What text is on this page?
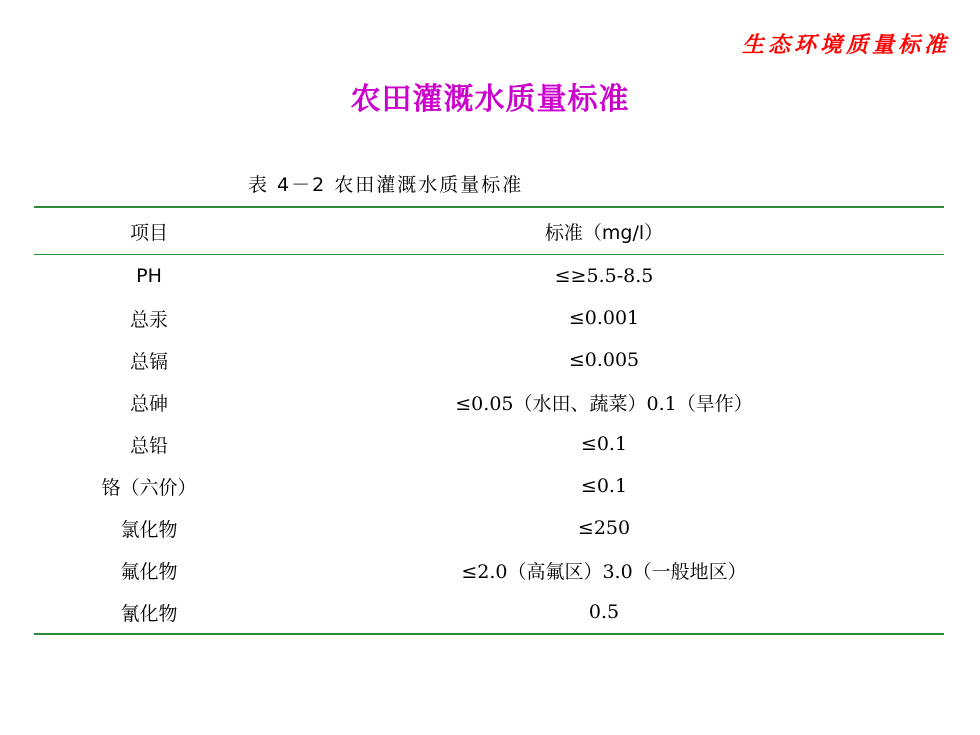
生态环境质量标准
农田灌溉水质量标准
表 4－2 农田灌溉水质量标准
项目	标准（mg/l）
PH	≤≥5.5-8.5
总汞	≤0.001
总镉	≤0.005
总砷	≤0.05（水田、蔬菜）0.1（旱作）
总铅	≤0.1
铬（六价）	≤0.1
氯化物	≤250
氟化物	≤2.0（高氟区）3.0（一般地区）
氰化物	0.5
